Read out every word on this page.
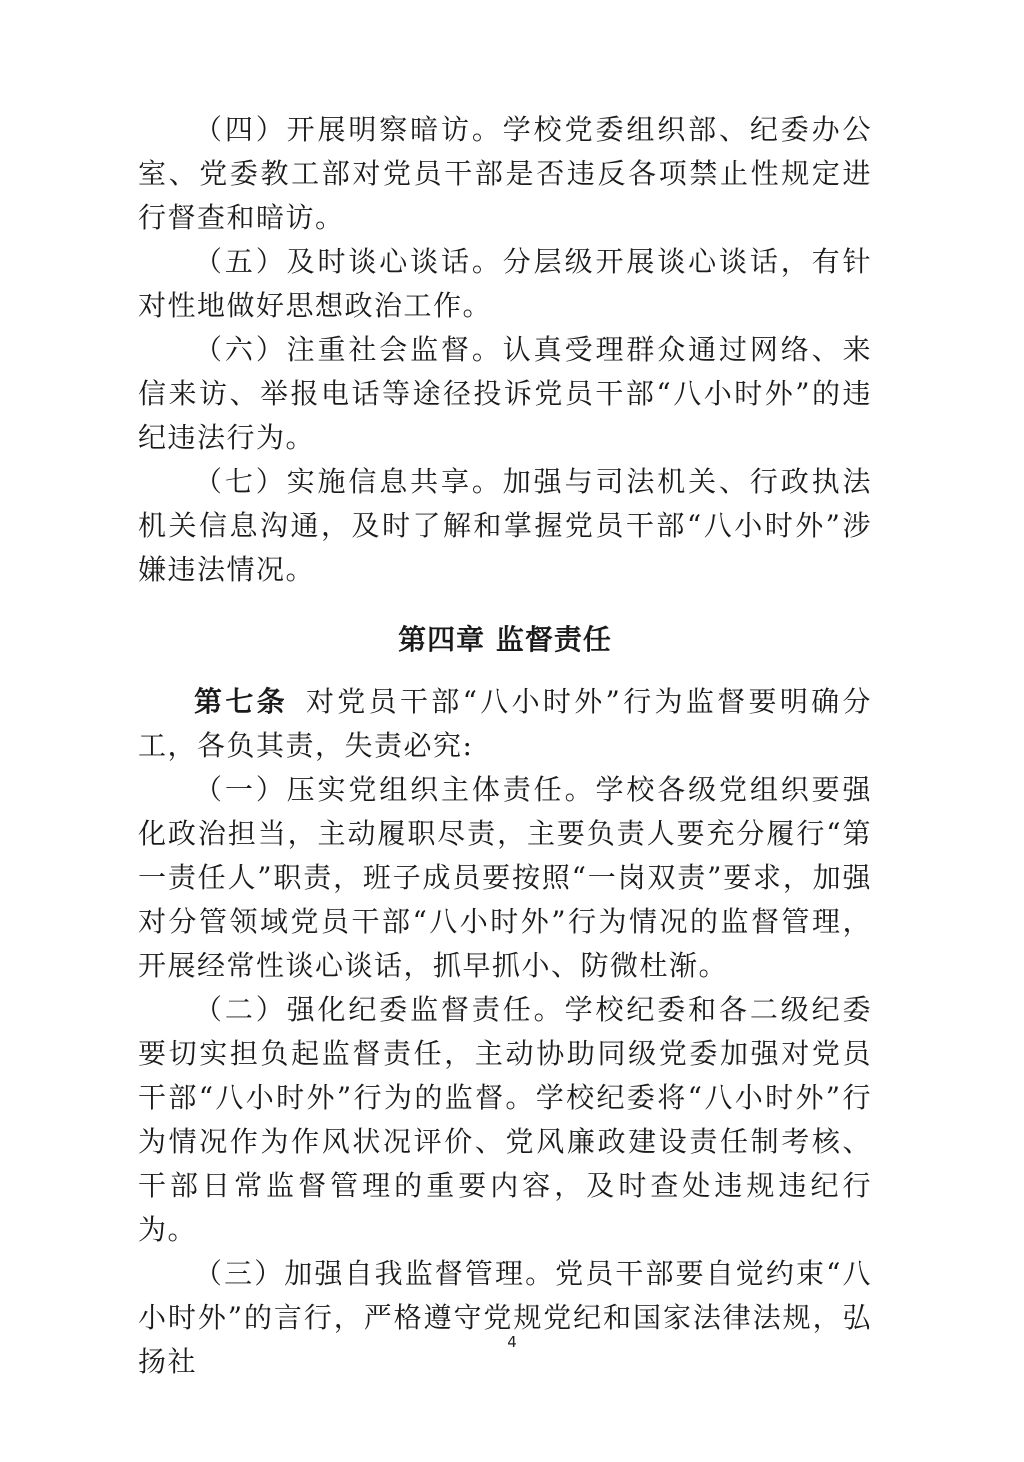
（四）开展明察暗访。学校党委组织部、纪委办公室、党委教工部对党员干部是否违反各项禁止性规定进行督查和暗访。

（五）及时谈心谈话。分层级开展谈心谈话，有针对性地做好思想政治工作。

（六）注重社会监督。认真受理群众通过网络、来信来访、举报电话等途径投诉党员干部“八小时外”的违纪违法行为。

（七）实施信息共享。加强与司法机关、行政执法机关信息沟通，及时了解和掌握党员干部“八小时外”涉嫌违法情况。

第四章 监督责任

第七条 对党员干部“八小时外”行为监督要明确分工，各负其责，失责必究:

（一）压实党组织主体责任。学校各级党组织要强化政治担当，主动履职尽责，主要负责人要充分履行“第一责任人”职责，班子成员要按照“一岗双责”要求，加强对分管领域党员干部“八小时外”行为情况的监督管理，开展经常性谈心谈话，抓早抓小、防微杜渐。

（二）强化纪委监督责任。学校纪委和各二级纪委要切实担负起监督责任，主动协助同级党委加强对党员干部“八小时外”行为的监督。学校纪委将“八小时外”行为情况作为作风状况评价、党风廉政建设责任制考核、干部日常监督管理的重要内容，及时查处违规违纪行为。

（三）加强自我监督管理。党员干部要自觉约束“八小时外”的言行，严格遵守党规党纪和国家法律法规，弘扬社

4
